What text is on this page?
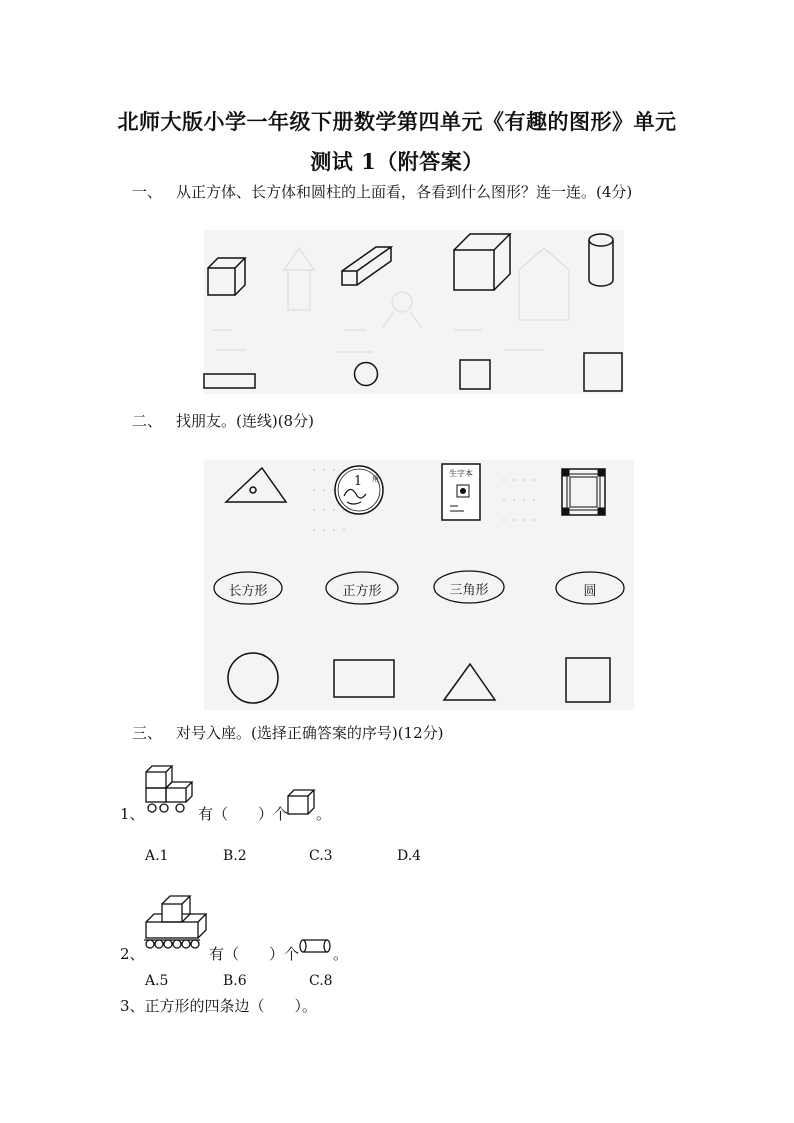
北师大版小学一年级下册数学第四单元《有趣的图形》单元
测试 1（附答案）
一、 从正方体、长方体和圆柱的上面看，各看到什么图形？连一连。(4分)
二、 找朋友。(连线)(8分)
1 角
生字本
长方形	正方形	三角形	圆
三、 对号入座。(选择正确答案的序号)(12分)
1、	有（　　）个 。
A.1	B.2	C.3	D.4
2、	有（　　）个 。
A.5	B.6	C.8
3、正方形的四条边（　　）。
